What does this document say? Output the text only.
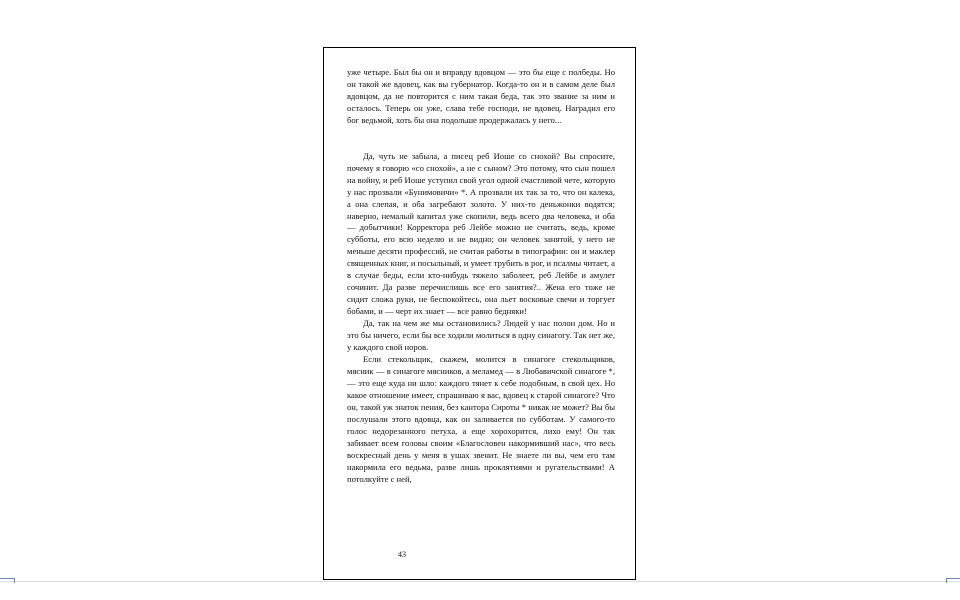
уже четыре. Был бы он и вправду вдовцом — это бы еще с полбеды. Но он такой же вдовец, как вы губернатор. Когда-то он и в самом деле был вдовцом, да не повторится с ним такая беда, так это звание за ним и осталось. Теперь он уже, слава тебе господи, не вдовец. Наградил его бог ведьмой, хоть бы она подольше продержалась у него...

Да, чуть не забыла, а писец реб Иоше со снохой? Вы спросите, почему я говорю «со снохой», а не с сыном? Это потому, что сын пошел на войну, и реб Иоше уступил свой угол одной счастливой чете, которую у нас прозвали «Бунимовичи» *. А прозвали их так за то, что он калека, а она слепая, и оба загребают золото. У них-то деньжонки водятся; наверно, немалый капитал уже скопили, ведь всего два человека, и оба — добытчики! Корректора реб Лейбе можно не считать, ведь, кроме субботы, его всю неделю и не видно; он человек занятой, у него не меньше десяти профессий, не считая работы в типографии: он и маклер священных книг, и посыльный, и умеет трубить в рог, и псалмы читает, а в случае беды, если кто-нибудь тяжело заболеет, реб Лейбе и амулет сочинит. Да разве перечислишь все его занятия?.. Жена его тоже не сидит сложа руки, не беспокойтесь, она льет восковые свечи и торгует бобами, и — черт их знает — все равно бедняки!

Да, так на чем же мы остановились? Людей у нас полон дом. Но и это бы ничего, если бы все ходили молиться в одну синагогу. Так нет же, у каждого свой норов.

Если стекольщик, скажем, молится в синагоге стекольщиков, мясник — в синагоге мясников, а меламед — в Любавичской синагоге *,— это еще куда ни шло: каждого тянет к себе подобным, в свой цех. Но какое отношение имеет, спрашиваю я вас, вдовец к старой синагоге? Что он, такой уж знаток пения, без кантора Сироты * никак не может? Вы бы послушали этого вдовца, как он заливается по субботам. У самого-то голос недорезанного петуха, а еще хорохорится, лихо ему! Он так забивает всем головы своим «Благословен накормивший нас», что весь воскресный день у меня в ушах звенит. Не знаете ли вы, чем его там накормила его ведьма, разве лишь проклятиями и ругательствами! А потолкуйте с ней,

43
